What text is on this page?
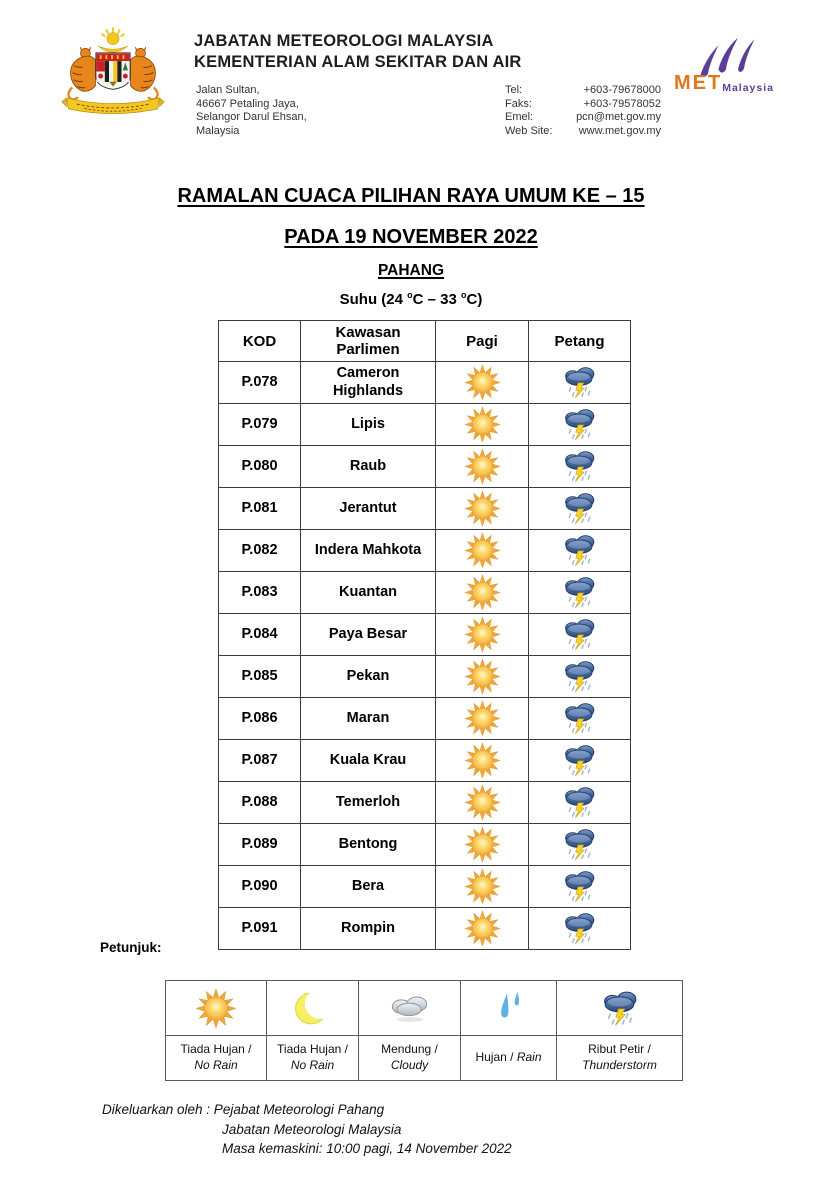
JABATAN METEOROLOGI MALAYSIA
KEMENTERIAN ALAM SEKITAR DAN AIR
Jalan Sultan,
46667 Petaling Jaya,
Selangor Darul Ehsan,
Malaysia
Tel:	+603-79678000
Faks:	+603-79578052
Emel:	pcn@met.gov.my
Web Site:	www.met.gov.my
MET Malaysia
RAMALAN CUACA PILIHAN RAYA UMUM KE – 15
PADA 19 NOVEMBER 2022
PAHANG
Suhu (24 $^o$C – 33 $^o$C)
KOD	Kawasan Parlimen	Pagi	Petang
P.078	Cameron Highlands	

P.079	Lipis	

P.080	Raub	

P.081	Jerantut	

P.082	Indera Mahkota	

P.083	Kuantan	

P.084	Paya Besar	

P.085	Pekan	

P.086	Maran	

P.087	Kuala Krau	

P.088	Temerloh	

P.089	Bentong	

P.090	Bera	

P.091	Rompin	

Petunjuk:

Tiada Hujan /
No Rain	Tiada Hujan /
No Rain	Mendung /
Cloudy	Hujan / Rain	Ribut Petir /
Thunderstorm
Dikeluarkan oleh : Pejabat Meteorologi Pahang
Jabatan Meteorologi Malaysia
Masa kemaskini: 10:00 pagi, 14 November 2022
